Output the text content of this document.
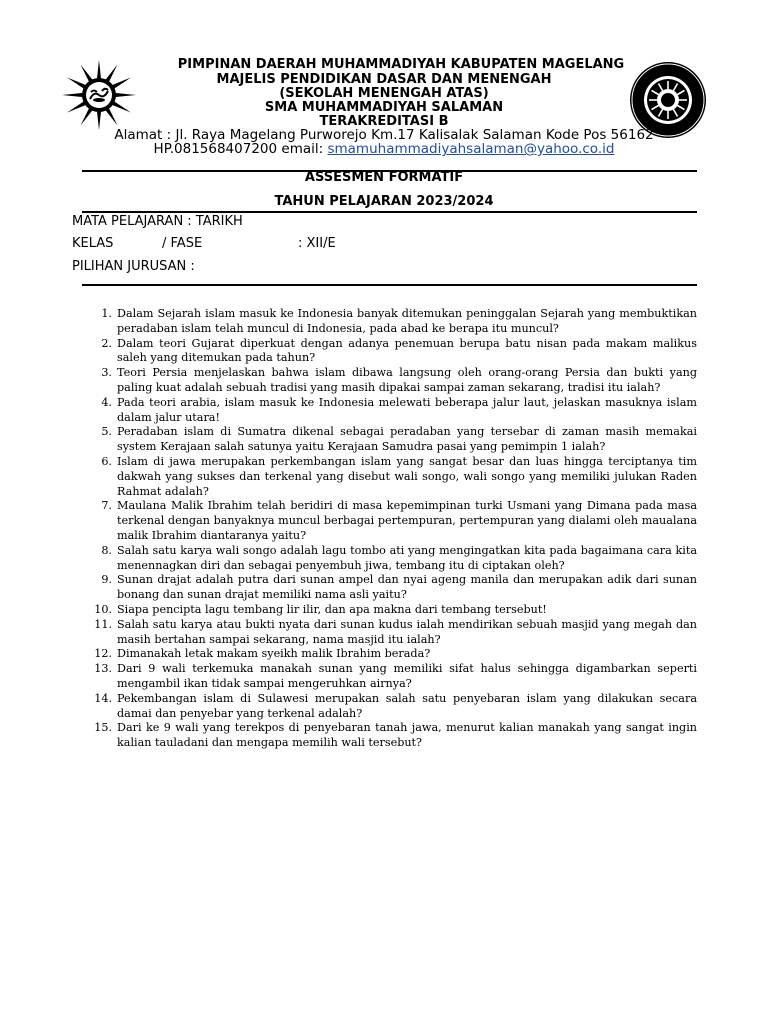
PIMPINAN DAERAH MUHAMMADIYAH KABUPATEN MAGELANG
MAJELIS PENDIDIKAN DASAR DAN MENENGAH
(SEKOLAH MENENGAH ATAS)
SMA MUHAMMADIYAH SALAMAN
TERAKREDITASI B
Alamat : Jl. Raya Magelang Purworejo Km.17 Kalisalak Salaman Kode Pos 56162
HP.081568407200 email: smamuhammadiyahsalaman@yahoo.co.id
ASSESMEN FORMATIF
TAHUN PELAJARAN 2023/2024
MATA PELAJARAN : TARIKH
KELAS	/ FASE	: XII/E
PILIHAN JURUSAN :
1. Dalam Sejarah islam masuk ke Indonesia banyak ditemukan peninggalan Sejarah yang membuktikan peradaban islam telah muncul di Indonesia, pada abad ke berapa itu muncul?
2. Dalam teori Gujarat diperkuat dengan adanya penemuan berupa batu nisan pada makam malikus saleh yang ditemukan pada tahun?
3. Teori Persia menjelaskan bahwa islam dibawa langsung oleh orang-orang Persia dan bukti yang paling kuat adalah sebuah tradisi yang masih dipakai sampai zaman sekarang, tradisi itu ialah?
4. Pada teori arabia, islam masuk ke Indonesia melewati beberapa jalur laut, jelaskan masuknya islam dalam jalur utara!
5. Peradaban islam di Sumatra dikenal sebagai peradaban yang tersebar di zaman masih memakai system Kerajaan salah satunya yaitu Kerajaan Samudra pasai yang pemimpin 1 ialah?
6. Islam di jawa merupakan perkembangan islam yang sangat besar dan luas hingga terciptanya tim dakwah yang sukses dan terkenal yang disebut wali songo, wali songo yang memiliki julukan Raden Rahmat adalah?
7. Maulana Malik Ibrahim telah beridiri di masa kepemimpinan turki Usmani yang Dimana pada masa terkenal dengan banyaknya muncul berbagai pertempuran, pertempuran yang dialami oleh maualana malik Ibrahim diantaranya yaitu?
8. Salah satu karya wali songo adalah lagu tombo ati yang mengingatkan kita pada bagaimana cara kita menennagkan diri dan sebagai penyembuh jiwa, tembang itu di ciptakan oleh?
9. Sunan drajat adalah putra dari sunan ampel dan nyai ageng manila dan merupakan adik dari sunan bonang dan sunan drajat memiliki nama asli yaitu?
10. Siapa pencipta lagu tembang lir ilir, dan apa makna dari tembang tersebut!
11. Salah satu karya atau bukti nyata dari sunan kudus ialah mendirikan sebuah masjid yang megah dan masih bertahan sampai sekarang, nama masjid itu ialah?
12. Dimanakah letak makam syeikh malik Ibrahim berada?
13. Dari 9 wali terkemuka manakah sunan yang memiliki sifat halus sehingga digambarkan seperti mengambil ikan tidak sampai mengeruhkan airnya?
14. Pekembangan islam di Sulawesi merupakan salah satu penyebaran islam yang dilakukan secara damai dan penyebar yang terkenal adalah?
15. Dari ke 9 wali yang terekpos di penyebaran tanah jawa, menurut kalian manakah yang sangat ingin kalian tauladani dan mengapa memilih wali tersebut?
